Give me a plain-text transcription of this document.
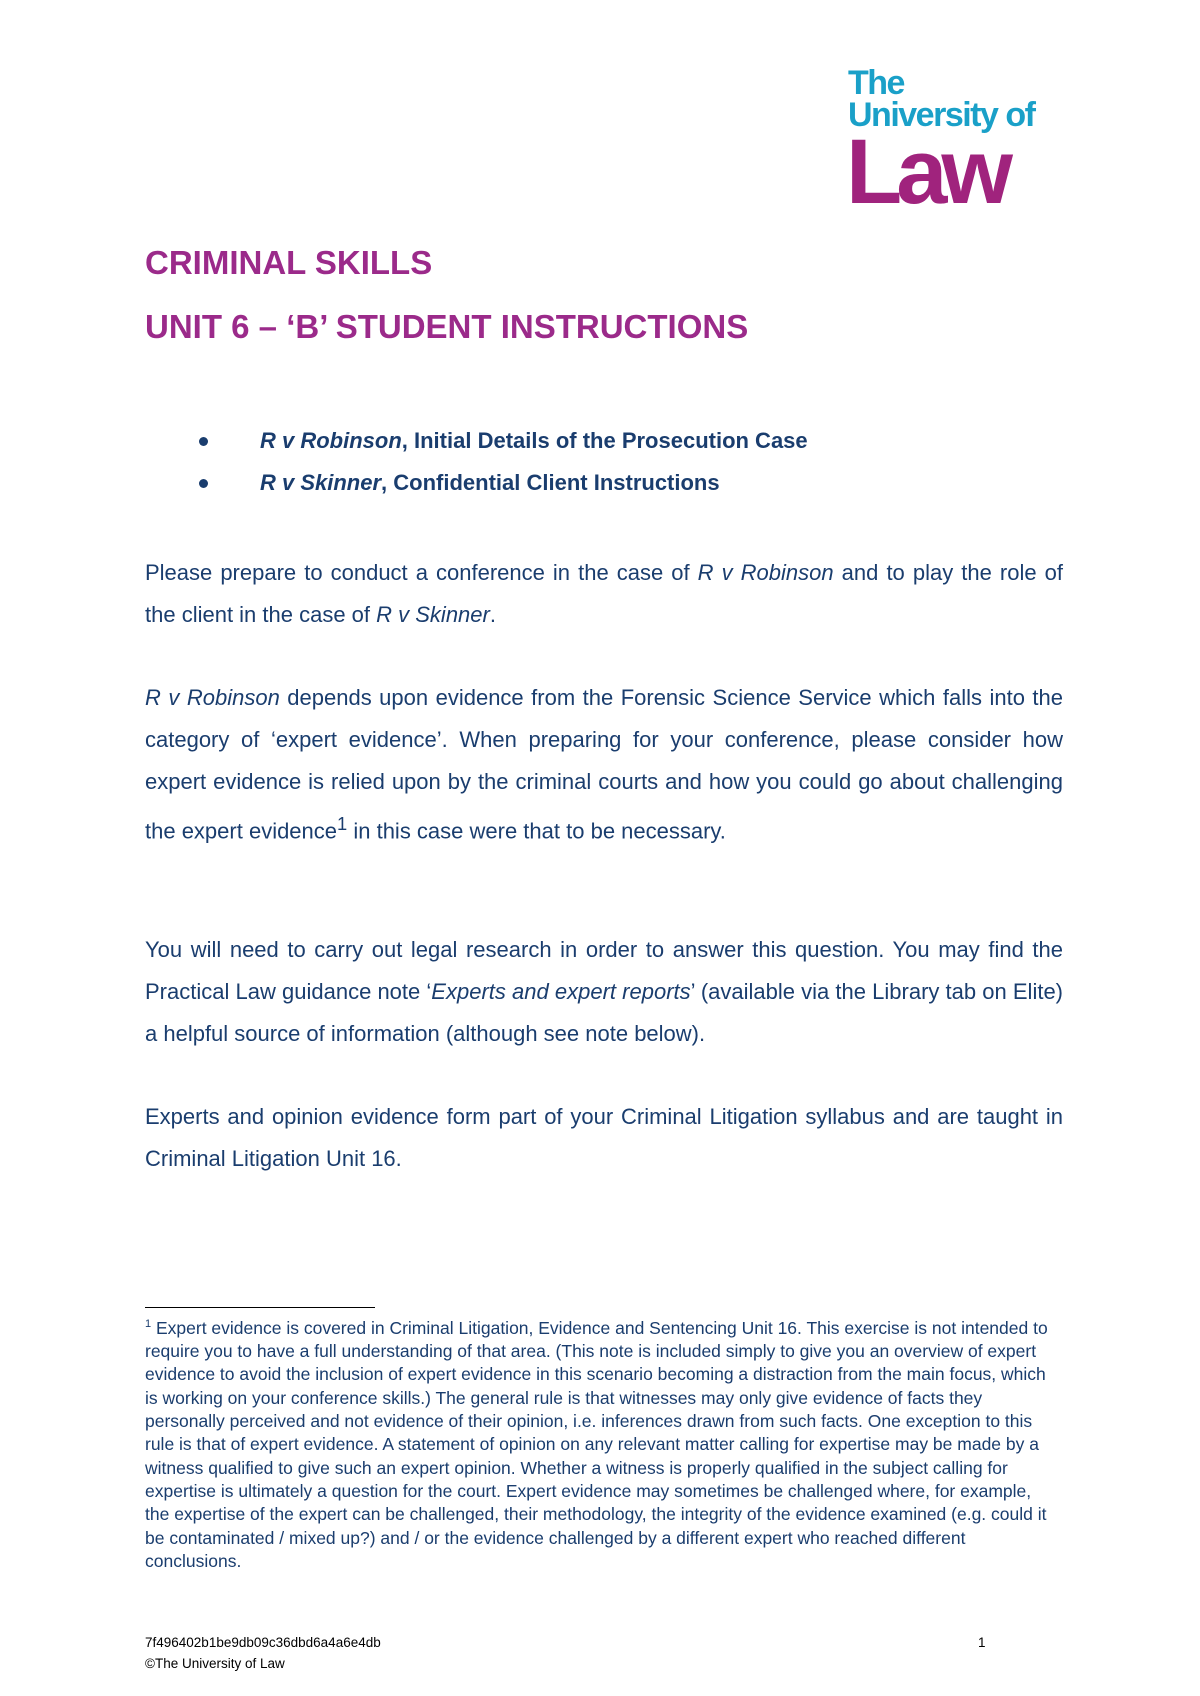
The
University of
Law
CRIMINAL SKILLS
UNIT 6 – ‘B’ STUDENT INSTRUCTIONS
R v Robinson, Initial Details of the Prosecution Case
R v Skinner, Confidential Client Instructions

Please prepare to conduct a conference in the case of R v Robinson and to play the role of the client in the case of R v Skinner.

R v Robinson depends upon evidence from the Forensic Science Service which falls into the category of ‘expert evidence’. When preparing for your conference, please consider how expert evidence is relied upon by the criminal courts and how you could go about challenging the expert evidence$^1$ in this case were that to be necessary.

You will need to carry out legal research in order to answer this question. You may find the Practical Law guidance note ‘Experts and expert reports’ (available via the Library tab on Elite) a helpful source of information (although see note below).

Experts and opinion evidence form part of your Criminal Litigation syllabus and are taught in Criminal Litigation Unit 16.

$^1$ Expert evidence is covered in Criminal Litigation, Evidence and Sentencing Unit 16. This exercise is not intended to require you to have a full understanding of that area. (This note is included simply to give you an overview of expert evidence to avoid the inclusion of expert evidence in this scenario becoming a distraction from the main focus, which is working on your conference skills.) The general rule is that witnesses may only give evidence of facts they personally perceived and not evidence of their opinion, i.e. inferences drawn from such facts. One exception to this rule is that of expert evidence. A statement of opinion on any relevant matter calling for expertise may be made by a witness qualified to give such an expert opinion. Whether a witness is properly qualified in the subject calling for expertise is ultimately a question for the court. Expert evidence may sometimes be challenged where, for example, the expertise of the expert can be challenged, their methodology, the integrity of the evidence examined (e.g. could it be contaminated / mixed up?) and / or the evidence challenged by a different expert who reached different conclusions.

7f496402b1be9db09c36dbd6a4a6e4db
©The University of Law
1
